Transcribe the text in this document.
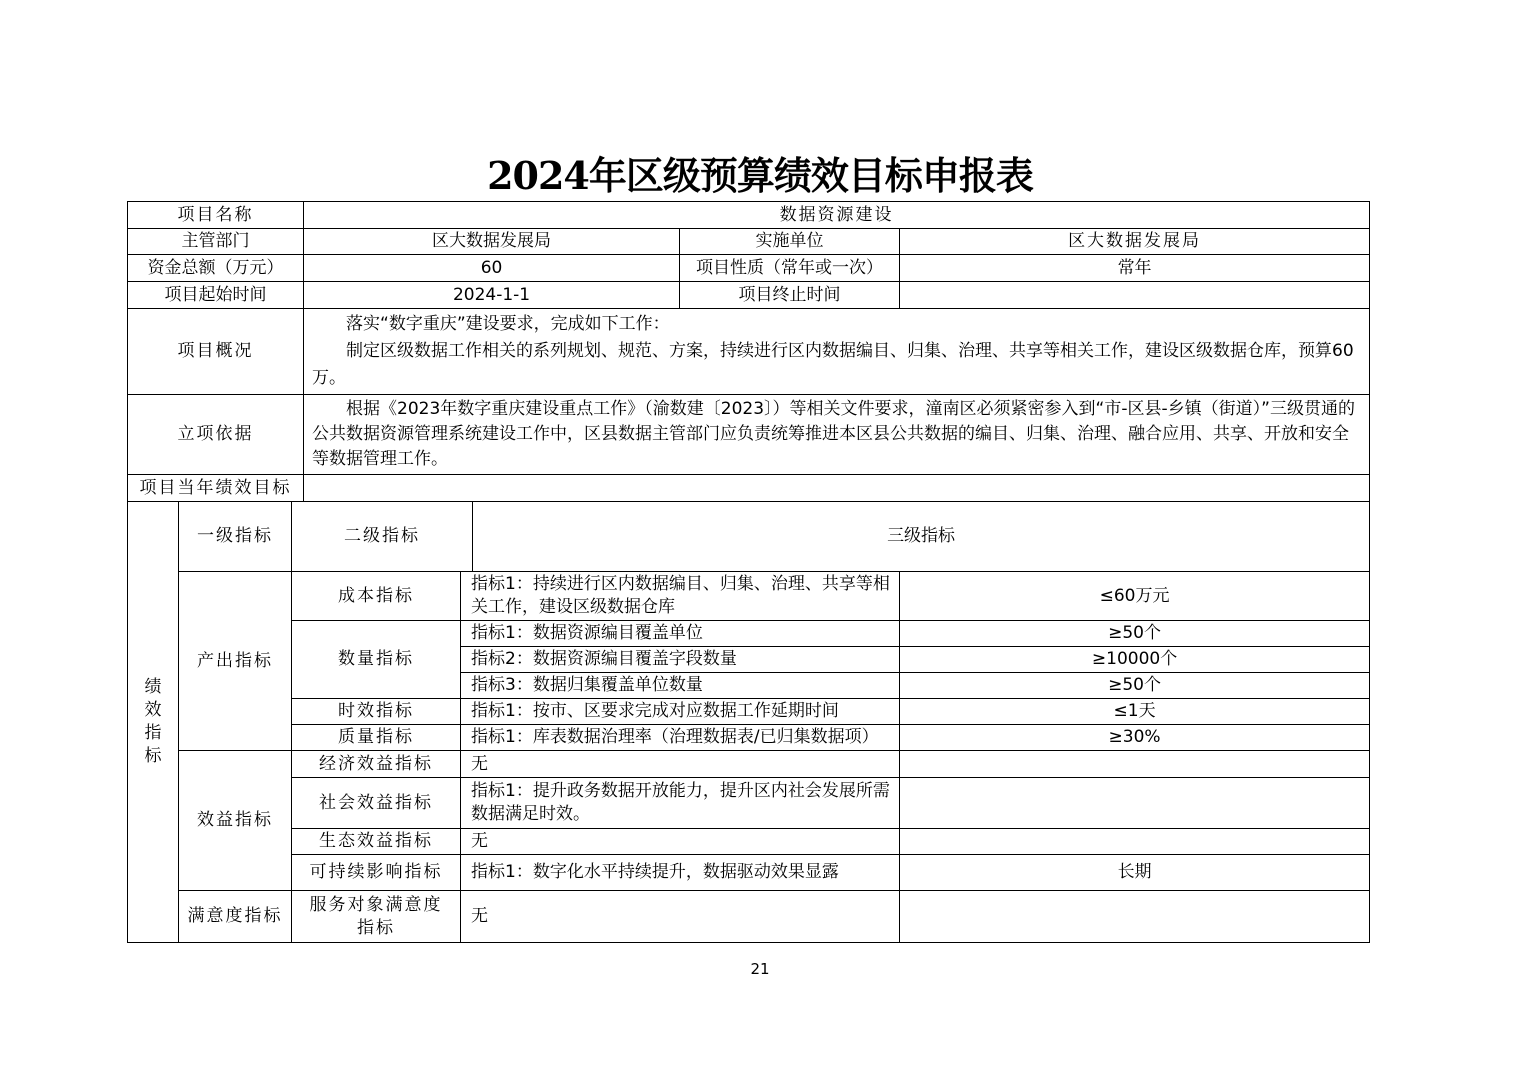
2024年区级预算绩效目标申报表
项目名称			数据资源建设					
主管部门			区大数据发展局			实施单位	区大数据发展局	
资金总额（万元）			60			项目性质（常年或一次）	常年	
项目起始时间			2024-1-1			项目终止时间		
项目概况			落实“数字重庆”建设要求，完成如下工作：

制定区级数据工作相关的系列规划、规范、方案，持续进行区内数据编目、归集、治理、共享等相关工作，建设区级数据仓库，预算60万。					

立项依据			根据《2023年数字重庆建设重点工作》（渝数建〔2023〕）等相关文件要求，潼南区必须紧密参入到“市-区县-乡镇（街道）”三级贯通的公共数据资源管理系统建设工作中，区县数据主管部门应负责统筹推进本区县公共数据的编目、归集、治理、融合应用、共享、开放和安全等数据管理工作。					

项目当年绩效目标								

绩
效
指
标	一级指标	二级指标			三级指标	
	产出指标	成本指标		指标1：持续进行区内数据编目、归集、治理、共享等相关工作，建设区级数据仓库			≤60万元	
		数量指标		指标1：数据资源编目覆盖单位			≥50个	
				指标2：数据资源编目覆盖字段数量			≥10000个	
				指标3：数据归集覆盖单位数量			≥50个	
		时效指标		指标1：按市、区要求完成对应数据工作延期时间			≤1天	
		质量指标		指标1：库表数据治理率（治理数据表/已归集数据项）			≥30%	
	效益指标	经济效益指标		无				
		社会效益指标		指标1：提升政务数据开放能力，提升区内社会发展所需数据满足时效。				
		生态效益指标		无				
		可持续影响指标		指标1：数字化水平持续提升，数据驱动效果显露			长期	
	满意度指标	服务对象满意度指标		无				
21
